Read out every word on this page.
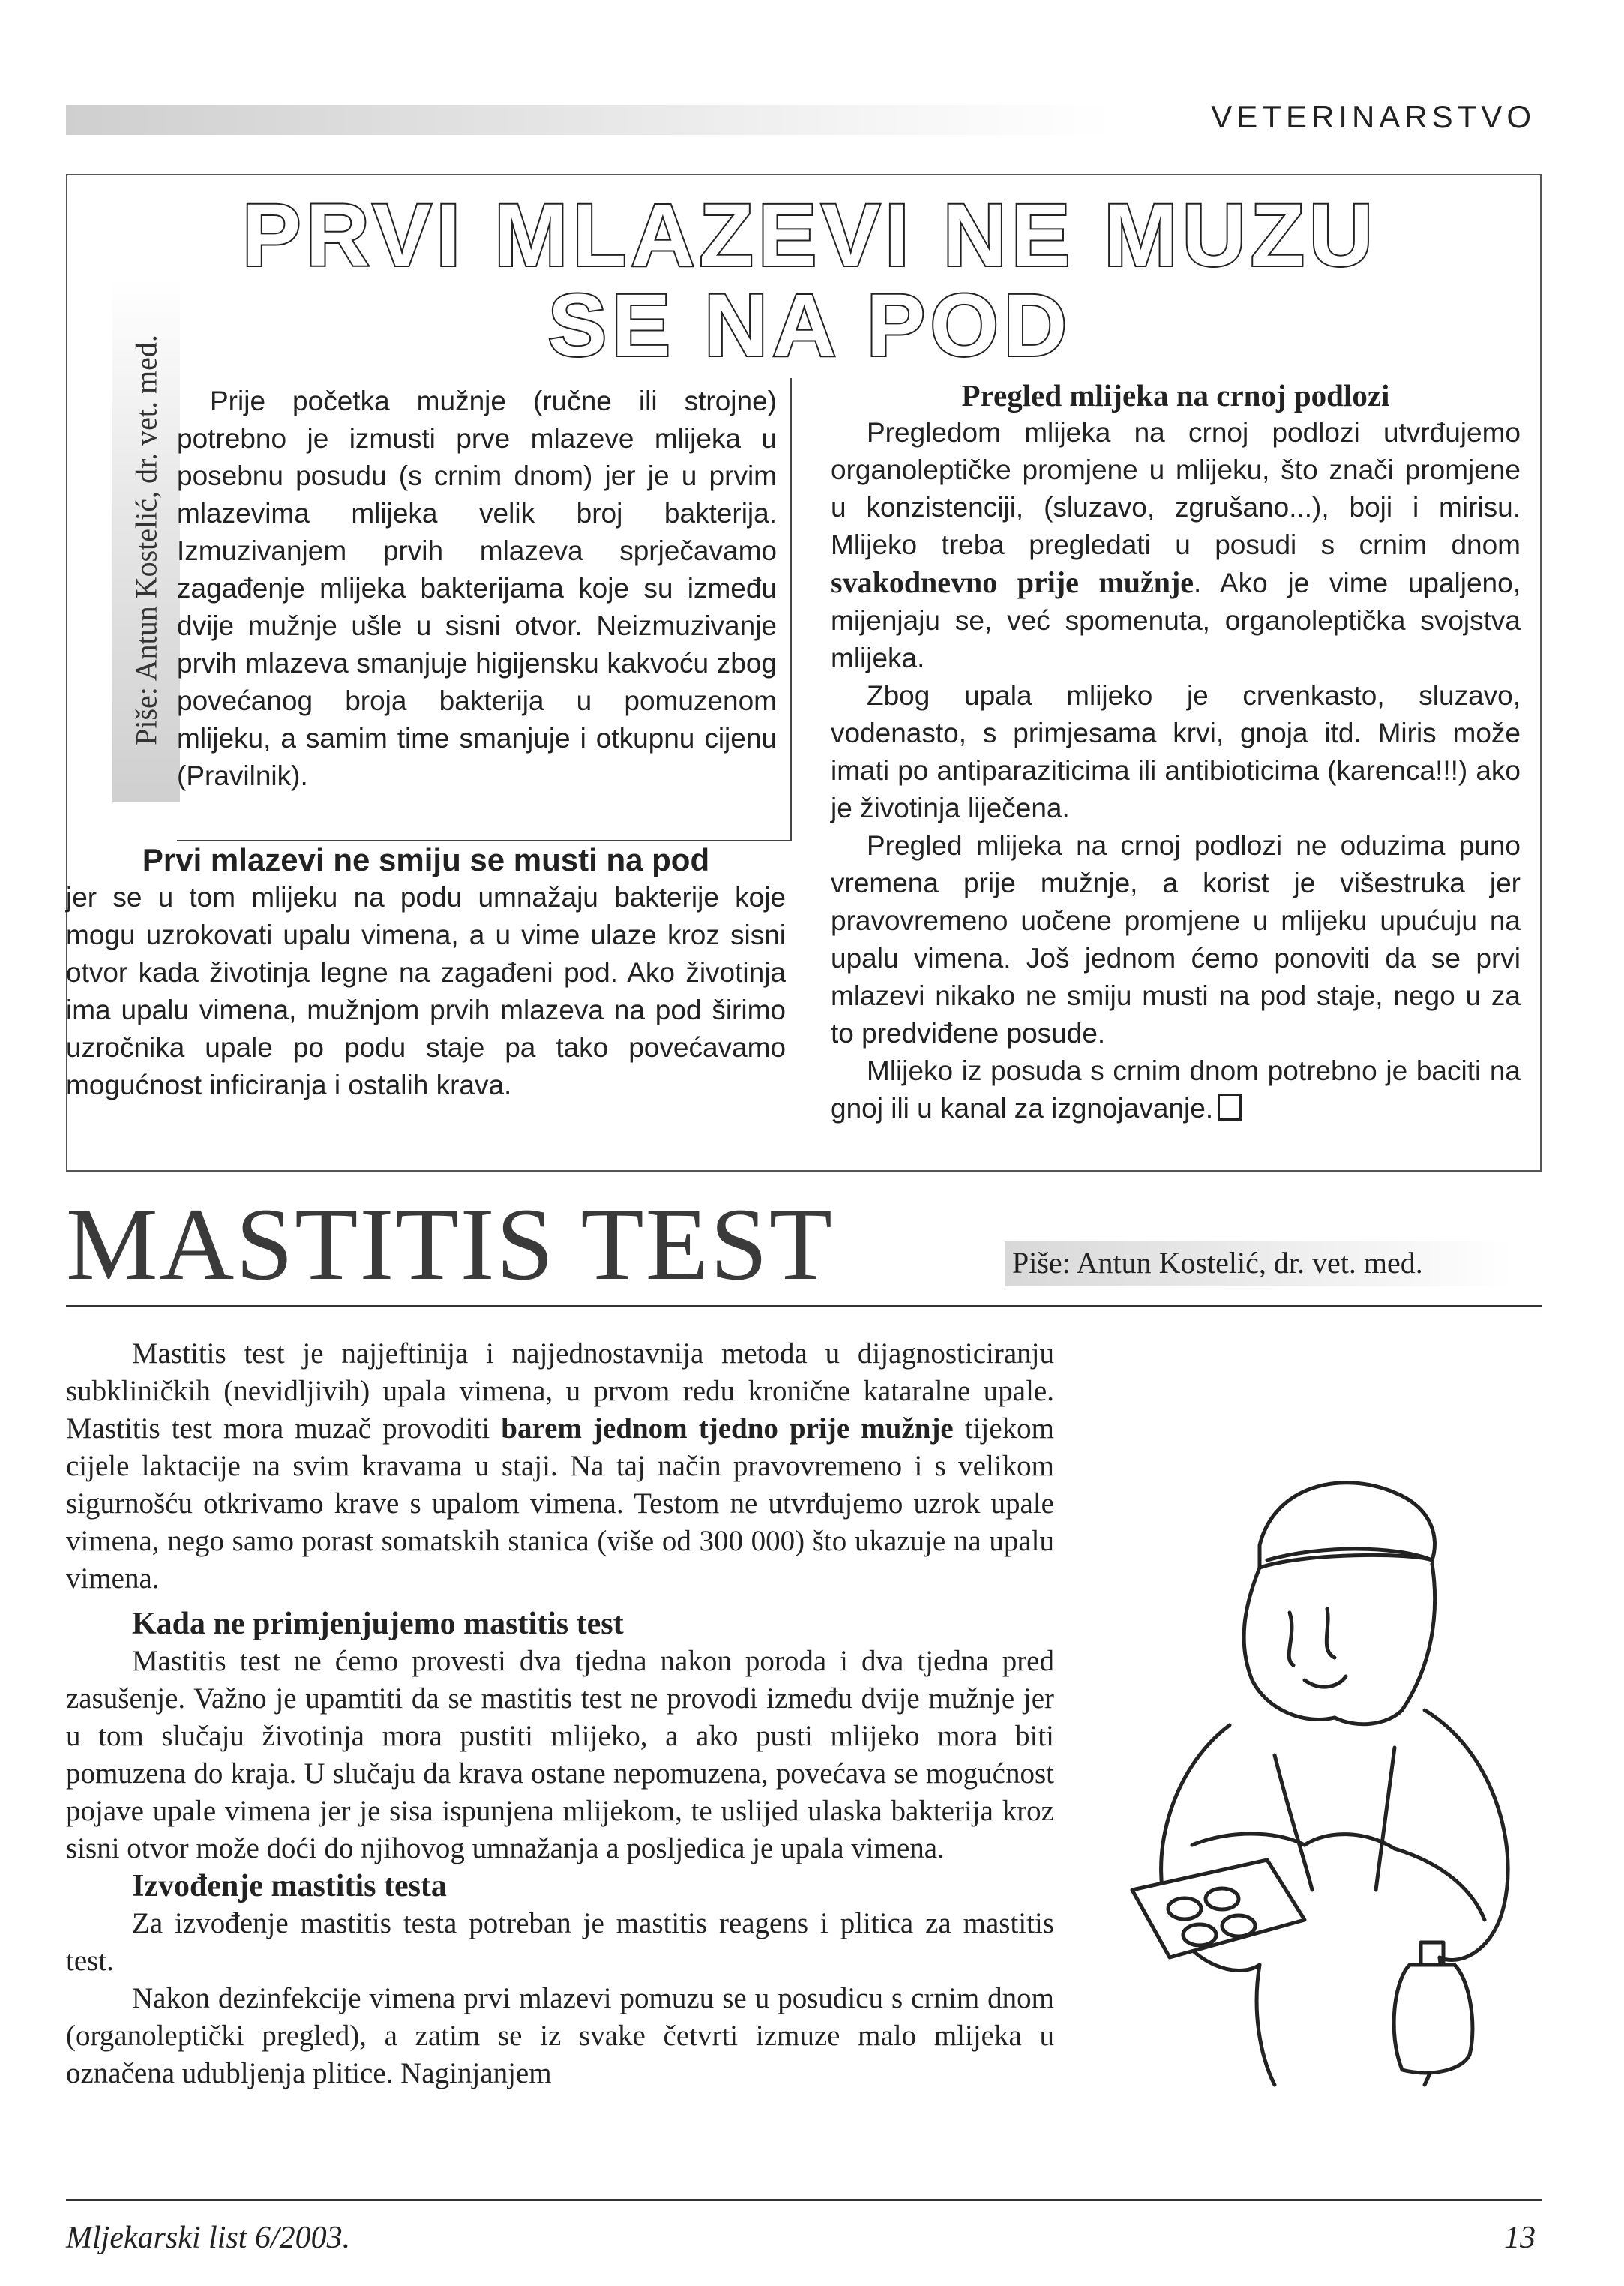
VETERINARSTVO
PRVI MLAZEVI NE MUZU
SE NA POD
Piše: Antun Kostelić, dr. vet. med.	Prije početka mužnje (ručne ili strojne) potrebno je izmusti prve mlazeve mlijeka u posebnu posudu (s crnim dnom) jer je u prvim mlazevima mlijeka velik broj bakterija. Izmuzivanjem prvih mlazeva sprječavamo zagađenje mlijeka bakterijama koje su između dvije mužnje ušle u sisni otvor. Neizmuzivanje prvih mlazeva smanjuje higijensku kakvoću zbog povećanog broja bakterija u pomuzenom mlijeku, a samim time smanjuje i otkupnu cijenu (Pravilnik).

Prvi mlazevi ne smiju se musti na pod

jer se u tom mlijeku na podu umnažaju bakterije koje mogu uzrokovati upalu vimena, a u vime ulaze kroz sisni otvor kada životinja legne na zagađeni pod. Ako životinja ima upalu vimena, mužnjom prvih mlazeva na pod širimo uzročnika upale po podu staje pa tako povećavamo mogućnost inficiranja i ostalih krava.

Pregled mlijeka na crnoj podlozi

Pregledom mlijeka na crnoj podlozi utvrđujemo organoleptičke promjene u mlijeku, što znači promjene u konzistenciji, (sluzavo, zgrušano...), boji i mirisu. Mlijeko treba pregledati u posudi s crnim dnom svakodnevno prije mužnje. Ako je vime upaljeno, mijenjaju se, već spomenuta, organoleptička svojstva mlijeka.

Zbog upala mlijeko je crvenkasto, sluzavo, vodenasto, s primjesama krvi, gnoja itd. Miris može imati po antiparaziticima ili antibioticima (karenca!!!) ako je životinja liječena.

Pregled mlijeka na crnoj podlozi ne oduzima puno vremena prije mužnje, a korist je višestruka jer pravovremeno uočene promjene u mlijeku upućuju na upalu vimena. Još jednom ćemo ponoviti da se prvi mlazevi nikako ne smiju musti na pod staje, nego u za to predviđene posude.

Mlijeko iz posuda s crnim dnom potrebno je baciti na gnoj ili u kanal za izgnojavanje.

MASTITIS TEST	Piše: Antun Kostelić, dr. vet. med.

Mastitis test je najjeftinija i najjednostavnija metoda u dijagnosticiranju subkliničkih (nevidljivih) upala vimena, u prvom redu kronične kataralne upale. Mastitis test mora muzač provoditi barem jednom tjedno prije mužnje tijekom cijele laktacije na svim kravama u staji. Na taj način pravovremeno i s velikom sigurnošću otkrivamo krave s upalom vimena. Testom ne utvrđujemo uzrok upale vimena, nego samo porast somatskih stanica (više od 300 000) što ukazuje na upalu vimena.

Kada ne primjenjujemo mastitis test

Mastitis test ne ćemo provesti dva tjedna nakon poroda i dva tjedna pred zasušenje. Važno je upamtiti da se mastitis test ne provodi između dvije mužnje jer u tom slučaju životinja mora pustiti mlijeko, a ako pusti mlijeko mora biti pomuzena do kraja. U slučaju da krava ostane nepomuzena, povećava se mogućnost pojave upale vimena jer je sisa ispunjena mlijekom, te uslijed ulaska bakterija kroz sisni otvor može doći do njihovog umnažanja a posljedica je upala vimena.

Izvođenje mastitis testa

Za izvođenje mastitis testa potreban je mastitis reagens i plitica za mastitis test.

Nakon dezinfekcije vimena prvi mlazevi pomuzu se u posudicu s crnim dnom (organoleptički pregled), a zatim se iz svake četvrti izmuze malo mlijeka u označena udubljenja plitice. Naginjanjem

Mljekarski list 6/2003.	13
